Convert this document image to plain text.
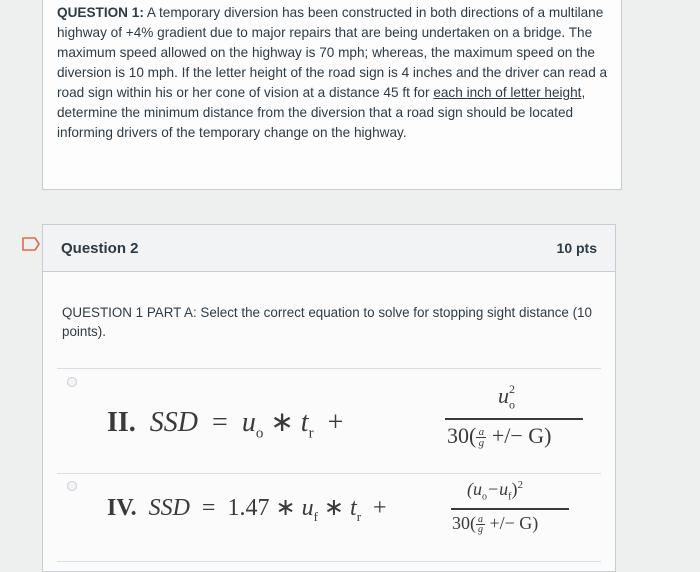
QUESTION 1: A temporary diversion has been constructed in both directions of a multilane highway of +4% gradient due to major repairs that are being undertaken on a bridge. The maximum speed allowed on the highway is 70 mph; whereas, the maximum speed on the diversion is 10 mph. If the letter height of the road sign is 4 inches and the driver can read a road sign within his or her cone of vision at a distance 45 ft for each inch of letter height, determine the minimum distance from the diversion that a road sign should be located informing drivers of the temporary change on the highway.

Question 2	10 pts
QUESTION 1 PART A: Select the correct equation to solve for stopping sight distance (10 points).
II. SSD = $u_o$ ∗ $t_r$ +
$u_o^2$
$30(\frac{a}{g}$ +/− G)
IV. SSD = 1.47 ∗ $u_f$ ∗ $t_r$ +
$(u_o-u_f)^2$
$30(\frac{a}{g}$ +/− G)
